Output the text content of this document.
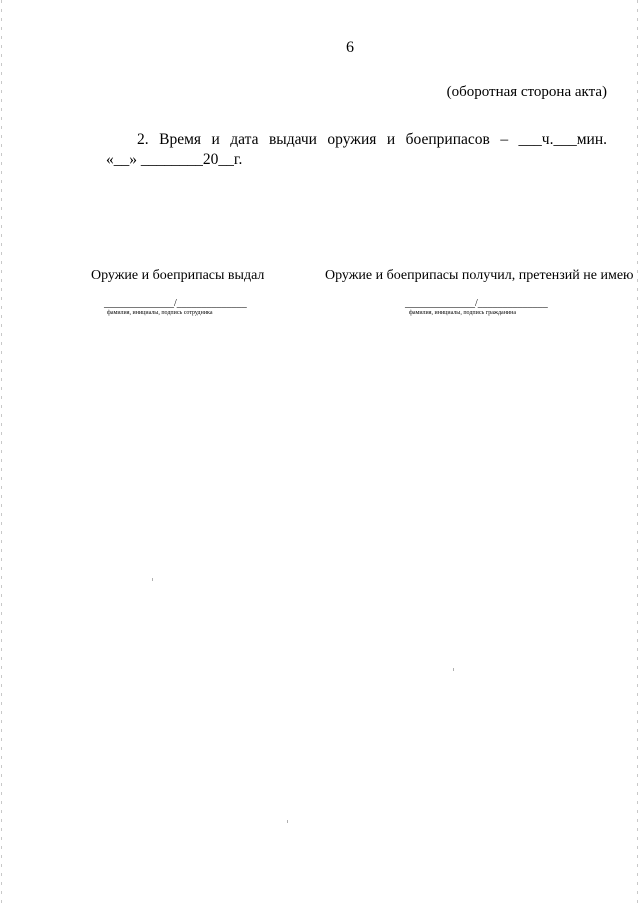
6
(оборотная сторона акта)
2. Время и дата выдачи оружия и боеприпасов – ___ч.___мин.
«__» ________20__г.
Оружие и боеприпасы выдал
______________/______________
фамилия, инициалы, подпись сотрудника
Оружие и боеприпасы получил, претензий не имею
______________/______________
фамилия, инициалы, подпись гражданина
